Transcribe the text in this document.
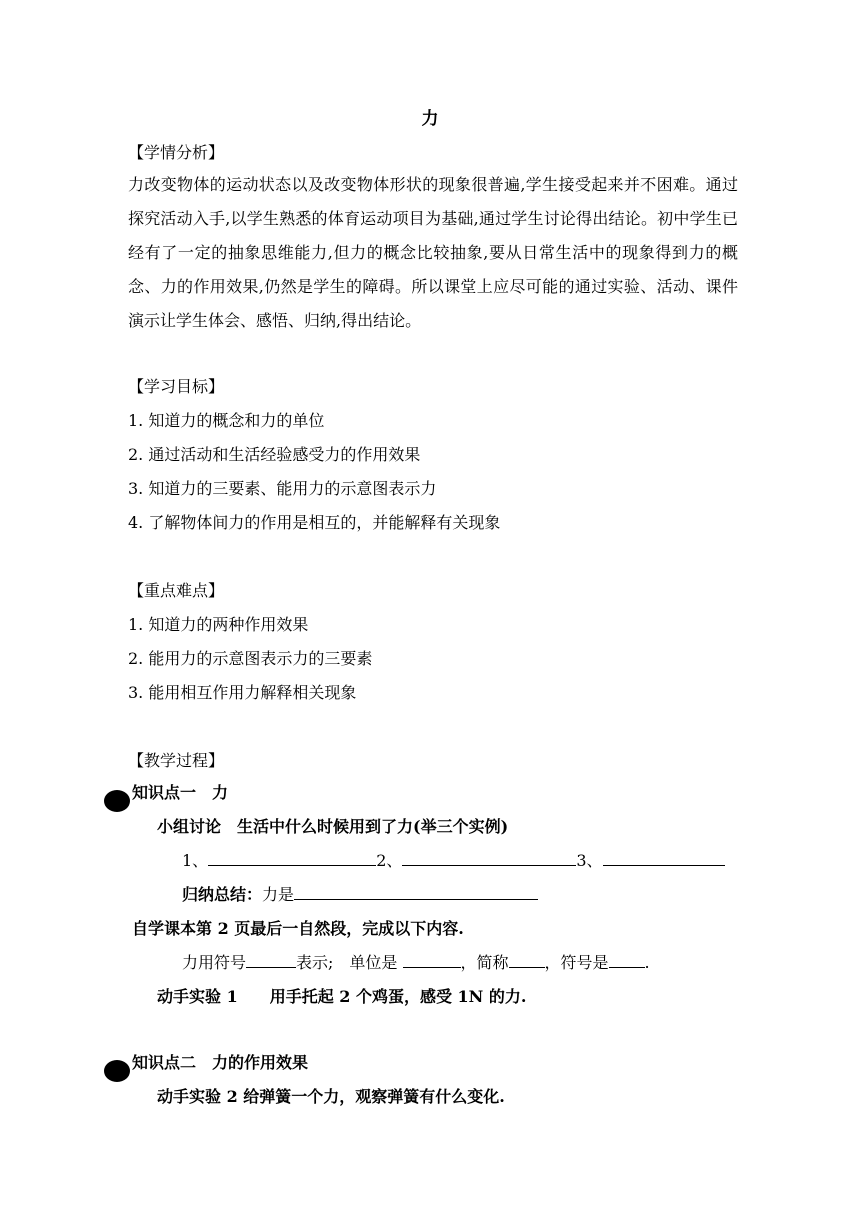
力
【学情分析】

力改变物体的运动状态以及改变物体形状的现象很普遍,学生接受起来并不困难。通过探究活动入手,以学生熟悉的体育运动项目为基础,通过学生讨论得出结论。初中学生已经有了一定的抽象思维能力,但力的概念比较抽象,要从日常生活中的现象得到力的概念、力的作用效果,仍然是学生的障碍。所以课堂上应尽可能的通过实验、活动、课件演示让学生体会、感悟、归纳,得出结论。

【学习目标】
1. 知道力的概念和力的单位
2. 通过活动和生活经验感受力的作用效果
3. 知道力的三要素、能用力的示意图表示力
4. 了解物体间力的作用是相互的，并能解释有关现象
【重点难点】
1. 知道力的两种作用效果
2. 能用力的示意图表示力的三要素
3. 能用相互作用力解释相关现象
【教学过程】
知识点一　力
小组讨论　生活中什么时候用到了力(举三个实例)
1、	2、	3、
归纳总结：力是
自学课本第 2 页最后一自然段，完成以下内容.
力用符号	表示;　单位是	，简称 ，符号是 .
动手实验 1　　用手托起 2 个鸡蛋，感受 1N 的力.
知识点二　力的作用效果
动手实验 2 给弹簧一个力，观察弹簧有什么变化.
